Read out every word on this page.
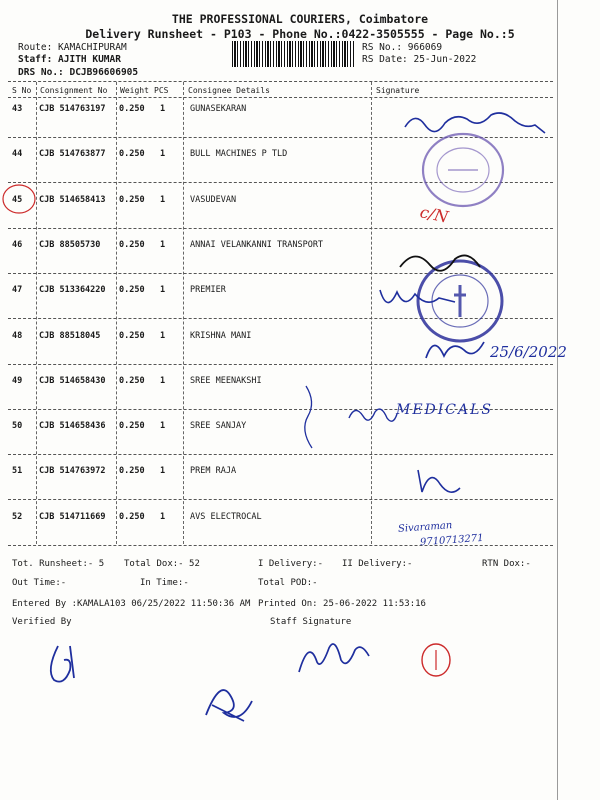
THE PROFESSIONAL COURIERS, Coimbatore
Delivery Runsheet - P103 - Phone No.:0422-3505555 - Page No.:5
Route: KAMACHIPURAM
Staff: AJITH KUMAR
DRS No.: DCJB96606905
RS No.: 966069
RS Date: 25-Jun-2022
S No Consignment No Weight PCS Consignee Details	Signature
43 CJB 514763197 0.250 1	GUNASEKARAN
44 CJB 514763877 0.250 1	BULL MACHINES P TLD
45 CJB 514658413 0.250 1	VASUDEVAN
46 CJB 88505730 0.250 1	ANNAI VELANKANNI TRANSPORT
47 CJB 513364220 0.250 1	PREMIER
48 CJB 88518045 0.250 1	KRISHNA MANI
49 CJB 514658430 0.250 1	SREE MEENAKSHI
50 CJB 514658436 0.250 1	SREE SANJAY
51 CJB 514763972 0.250 1	PREM RAJA
52 CJB 514711669 0.250 1	AVS ELECTROCAL
Tot. Runsheet:- 5 Total Dox:- 52	I Delivery:- II Delivery:-	RTN Dox:-
Out Time:-	In Time:-	Total POD:-
Entered By :KAMALA103 06/25/2022 11:50:36 AM Printed On: 25-06-2022 11:53:16
Verified By	Staff Signature
c/N
25/6/2022
MEDICALS
Sivaraman
9710713271
